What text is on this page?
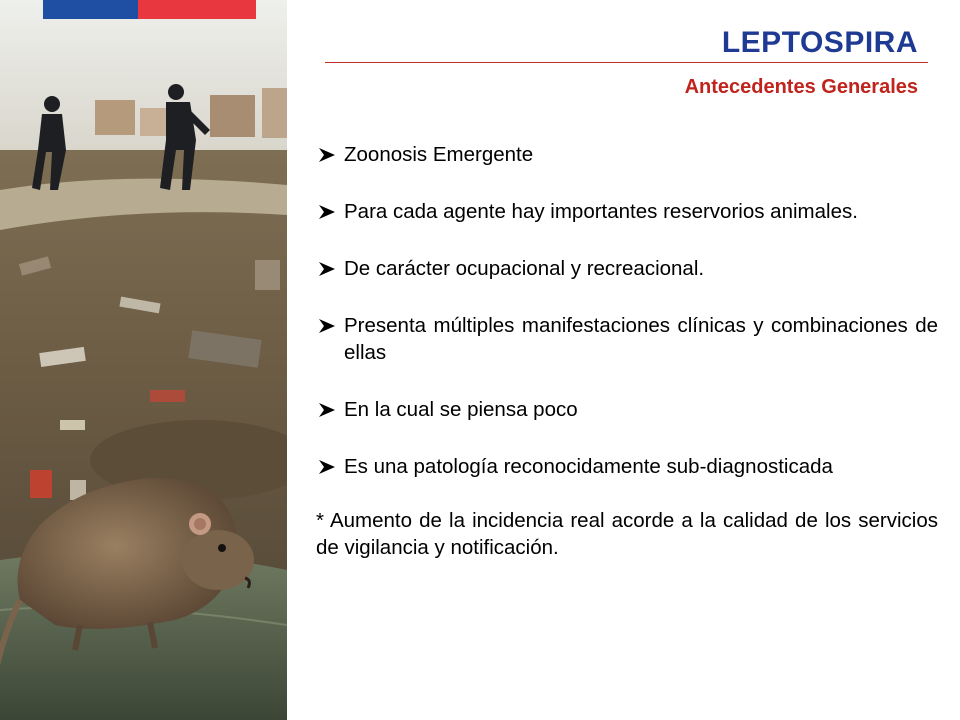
LEPTOSPIRA
Antecedentes Generales
Zoonosis Emergente
Para cada agente hay importantes reservorios animales.
De carácter ocupacional y recreacional.
Presenta múltiples manifestaciones clínicas y combinaciones de ellas
En la cual se piensa poco
Es una patología reconocidamente sub-diagnosticada

* Aumento de la incidencia real acorde a la calidad de los servicios de vigilancia y notificación.
